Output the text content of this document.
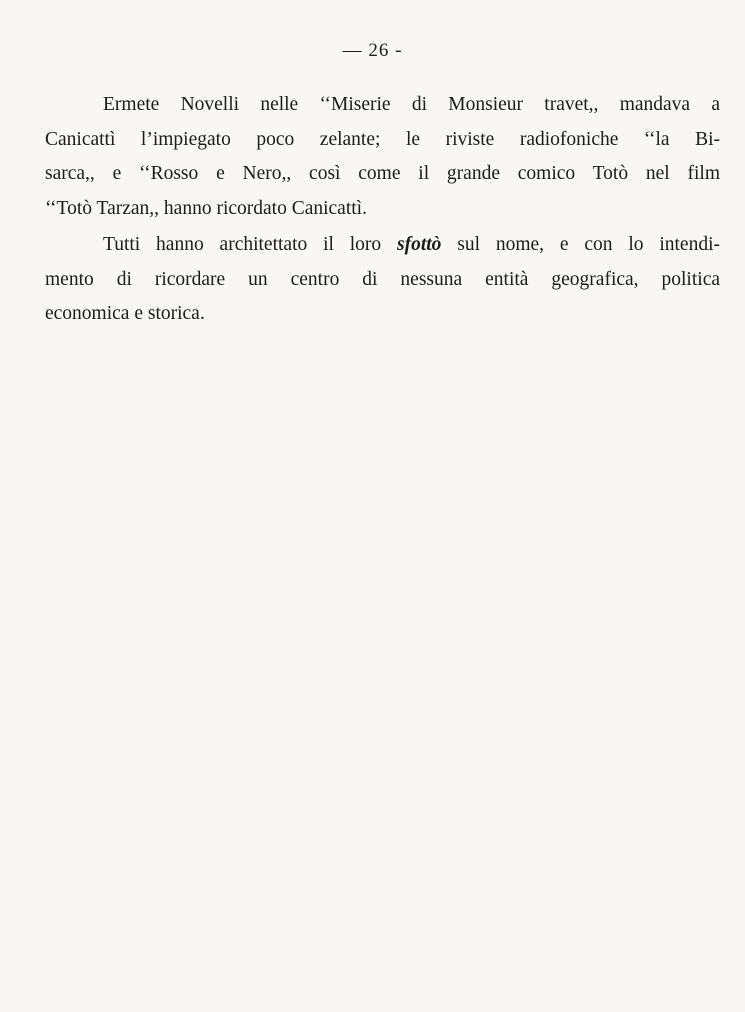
— 26 -
Ermete Novelli nelle ‘‘Miserie di Monsieur travet,, mandava a
Canicattì l’impiegato poco zelante; le riviste radiofoniche ‘‘la Bi-
sarca,, e ‘‘Rosso e Nero,, così come il grande comico Totò nel film
‘‘Totò Tarzan,, hanno ricordato Canicattì.
Tutti hanno architettato il loro sfottò sul nome, e con lo intendi-
mento di ricordare un centro di nessuna entità geografica, politica
economica e storica.
